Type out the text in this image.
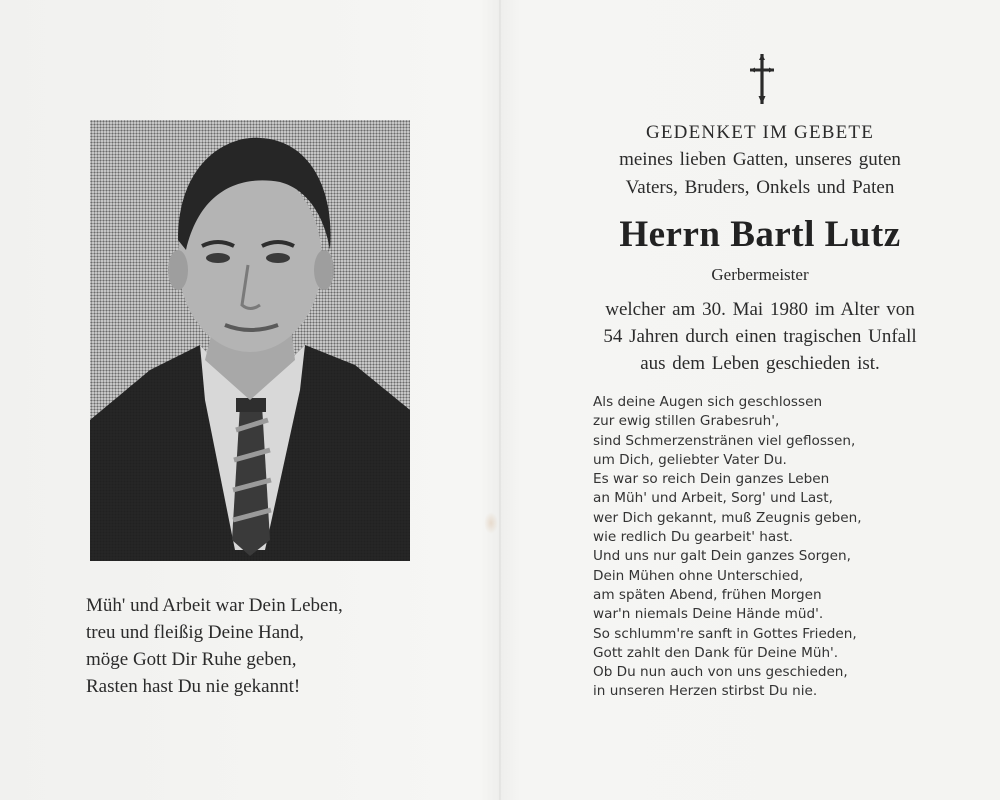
Müh' und Arbeit war Dein Leben,
treu und fleißig Deine Hand,
möge Gott Dir Ruhe geben,
Rasten hast Du nie gekannt!
GEDENKET IM GEBETE
meines lieben Gatten, unseres guten
Vaters, Bruders, Onkels und Paten
Herrn Bartl Lutz
Gerbermeister
welcher am 30. Mai 1980 im Alter von
54 Jahren durch einen tragischen Unfall
aus dem Leben geschieden ist.
Als deine Augen sich geschlossen
zur ewig stillen Grabesruh',
sind Schmerzenstränen viel geflossen,
um Dich, geliebter Vater Du.
Es war so reich Dein ganzes Leben
an Müh' und Arbeit, Sorg' und Last,
wer Dich gekannt, muß Zeugnis geben,
wie redlich Du gearbeit' hast.
Und uns nur galt Dein ganzes Sorgen,
Dein Mühen ohne Unterschied,
am späten Abend, frühen Morgen
war'n niemals Deine Hände müd'.
So schlumm're sanft in Gottes Frieden,
Gott zahlt den Dank für Deine Müh'.
Ob Du nun auch von uns geschieden,
in unseren Herzen stirbst Du nie.
